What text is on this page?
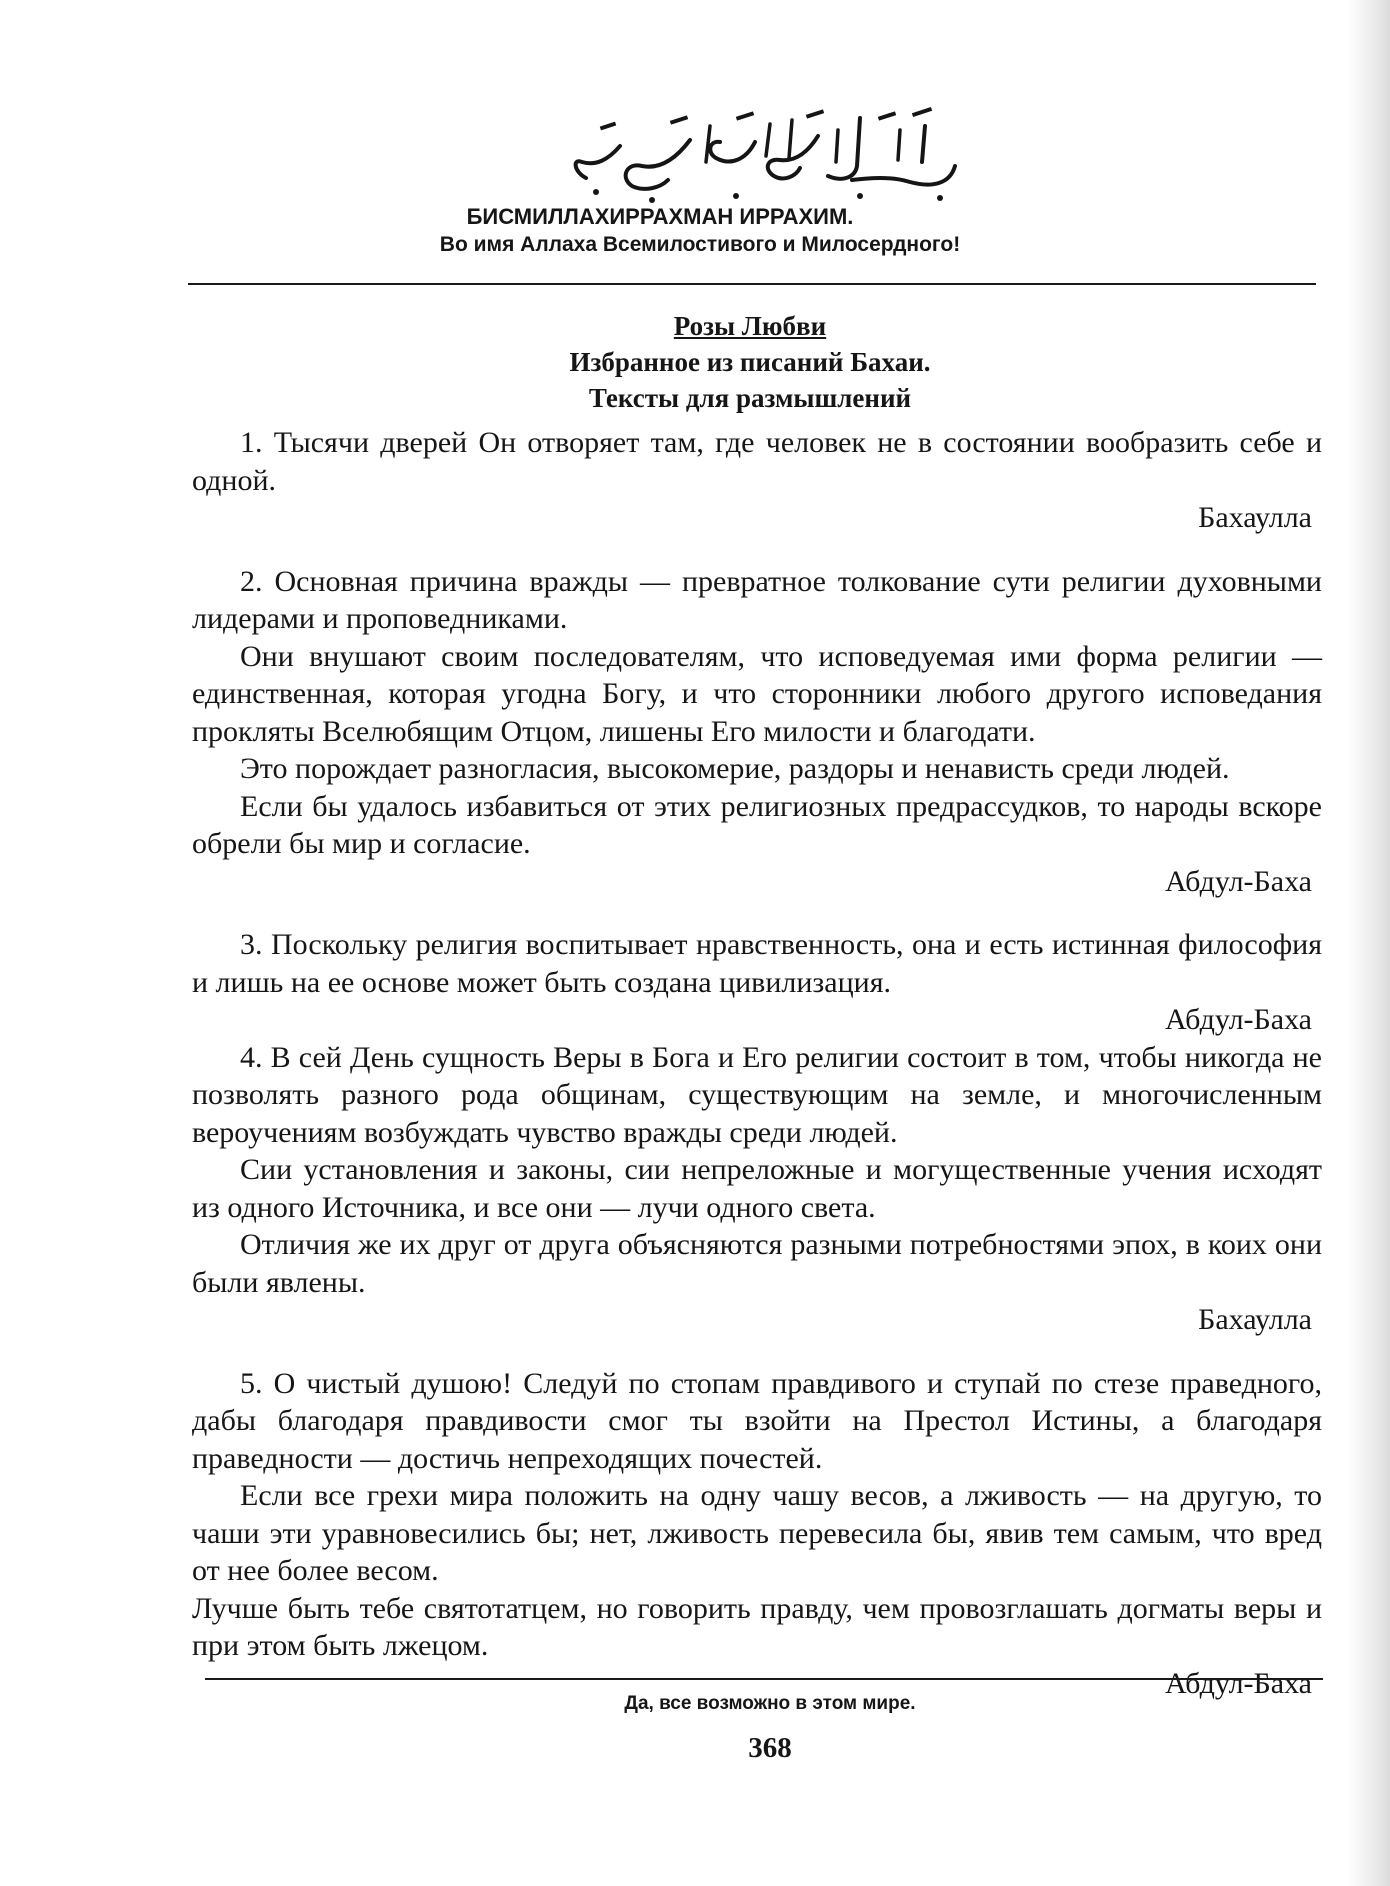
БИСМИЛЛАХИРРАХМАН ИРРАХИМ.
Во имя Аллаха Всемилостивого и Милосердного!
Розы Любви
Избранное из писаний Бахаи.
Тексты для размышлений

1. Тысячи дверей Он отворяет там, где человек не в состоянии вообразить себе и одной.

Бахаулла

2. Основная причина вражды — превратное толкование сути религии духовными лидерами и проповедниками.

Они внушают своим последователям, что исповедуемая ими форма религии — единственная, которая угодна Богу, и что сторонники любого другого исповедания прокляты Вселюбящим Отцом, лишены Его милости и благодати.

Это порождает разногласия, высокомерие, раздоры и ненависть среди людей.

Если бы удалось избавиться от этих религиозных предрассудков, то народы вскоре обрели бы мир и согласие.

Абдул-Баха

3. Поскольку религия воспитывает нравственность, она и есть истинная философия и лишь на ее основе может быть создана цивилизация.

Абдул-Баха

4. В сей День сущность Веры в Бога и Его религии состоит в том, чтобы никогда не позволять разного рода общинам, существующим на земле, и многочисленным вероучениям возбуждать чувство вражды среди людей.

Сии установления и законы, сии непреложные и могущественные учения исходят из одного Источника, и все они — лучи одного света.

Отличия же их друг от друга объясняются разными потребностями эпох, в коих они были явлены.

Бахаулла

5. О чистый душою! Следуй по стопам правдивого и ступай по стезе праведного, дабы благодаря правдивости смог ты взойти на Престол Истины, а благодаря праведности — достичь непреходящих почестей.

Если все грехи мира положить на одну чашу весов, а лживость — на другую, то чаши эти уравновесились бы; нет, лживость перевесила бы, явив тем самым, что вред от нее более весом.

Лучше быть тебе святотатцем, но говорить правду, чем провозглашать догматы веры и при этом быть лжецом.

Абдул-Баха
Да, все возможно в этом мире.
368
